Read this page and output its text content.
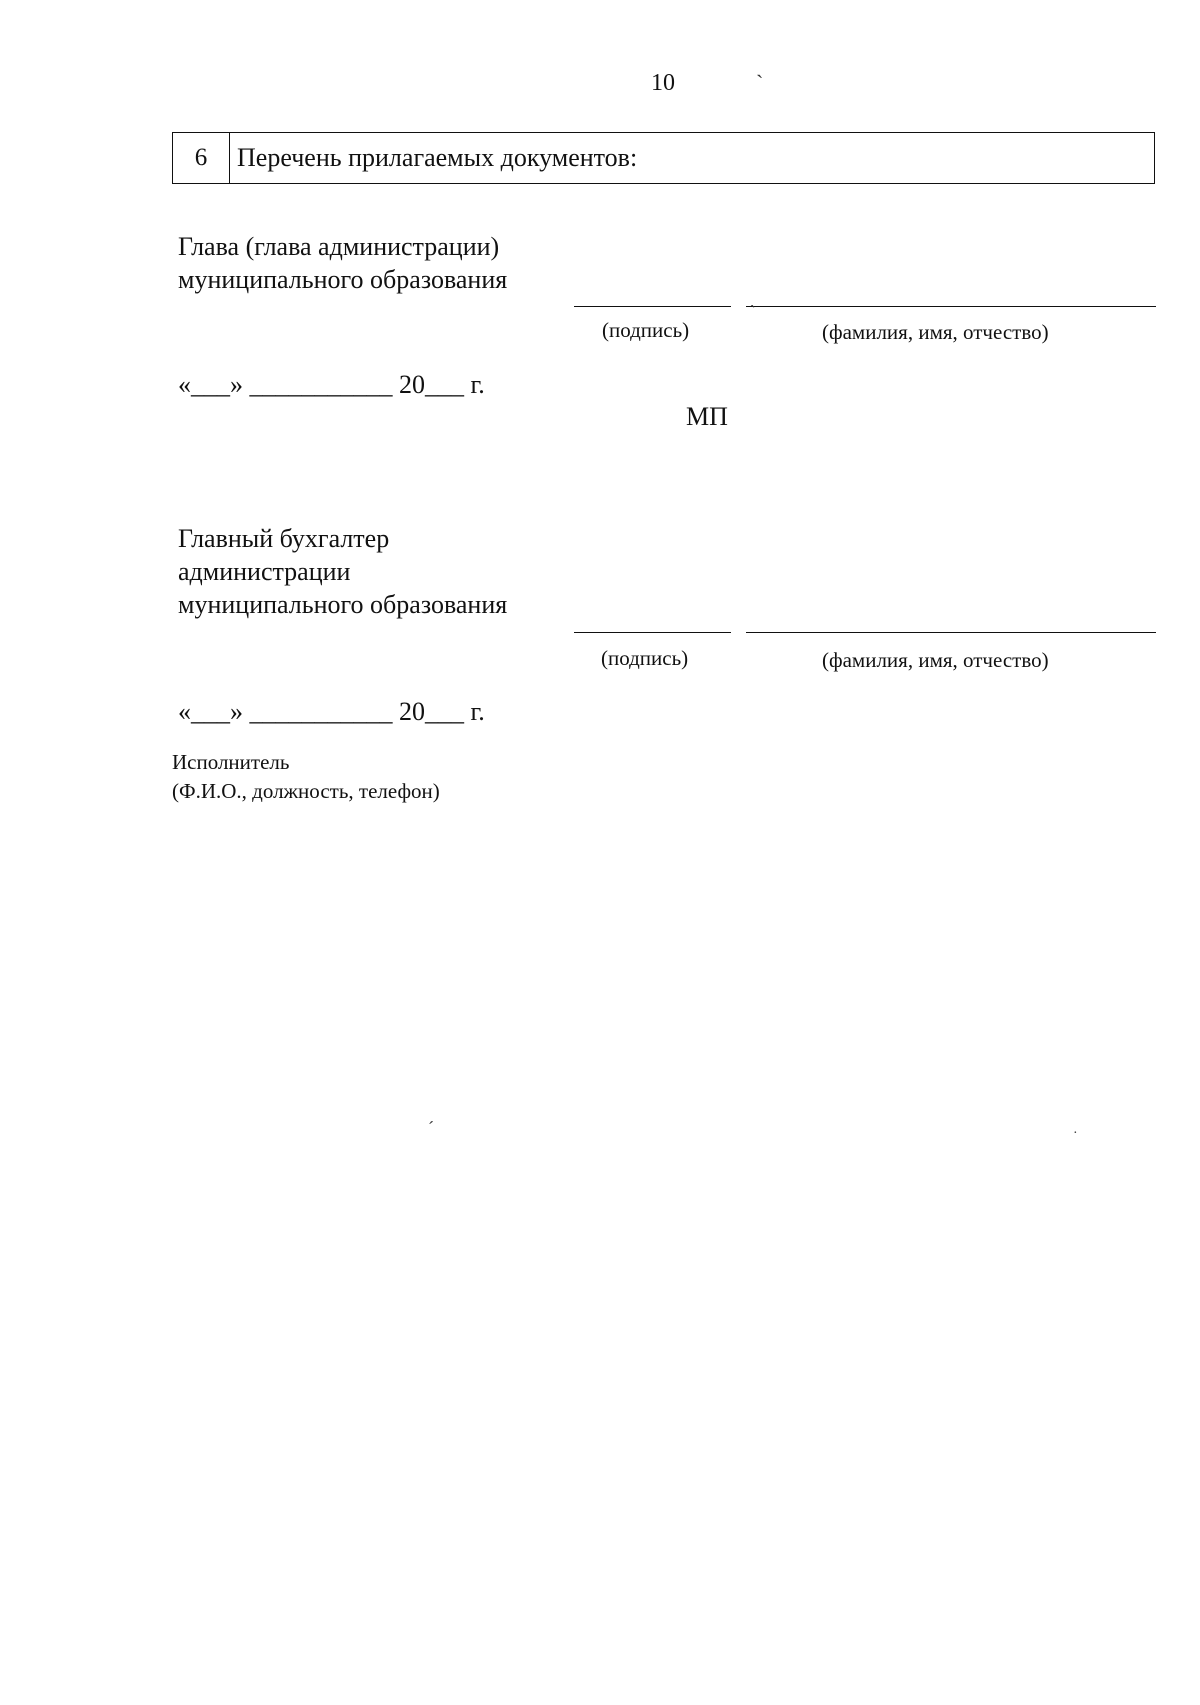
10	ˋ
6	Перечень прилагаемых документов:
Глава (глава администрации)
муниципального образования
ˏ
(подпись)	(фамилия, имя, отчество)
«___» ___________ 20___ г.
МП
Главный бухгалтер
администрации
муниципального образования
(подпись)	(фамилия, имя, отчество)
«___» ___________ 20___ г.
Исполнитель
(Ф.И.О., должность, телефон)
ˊ	·
